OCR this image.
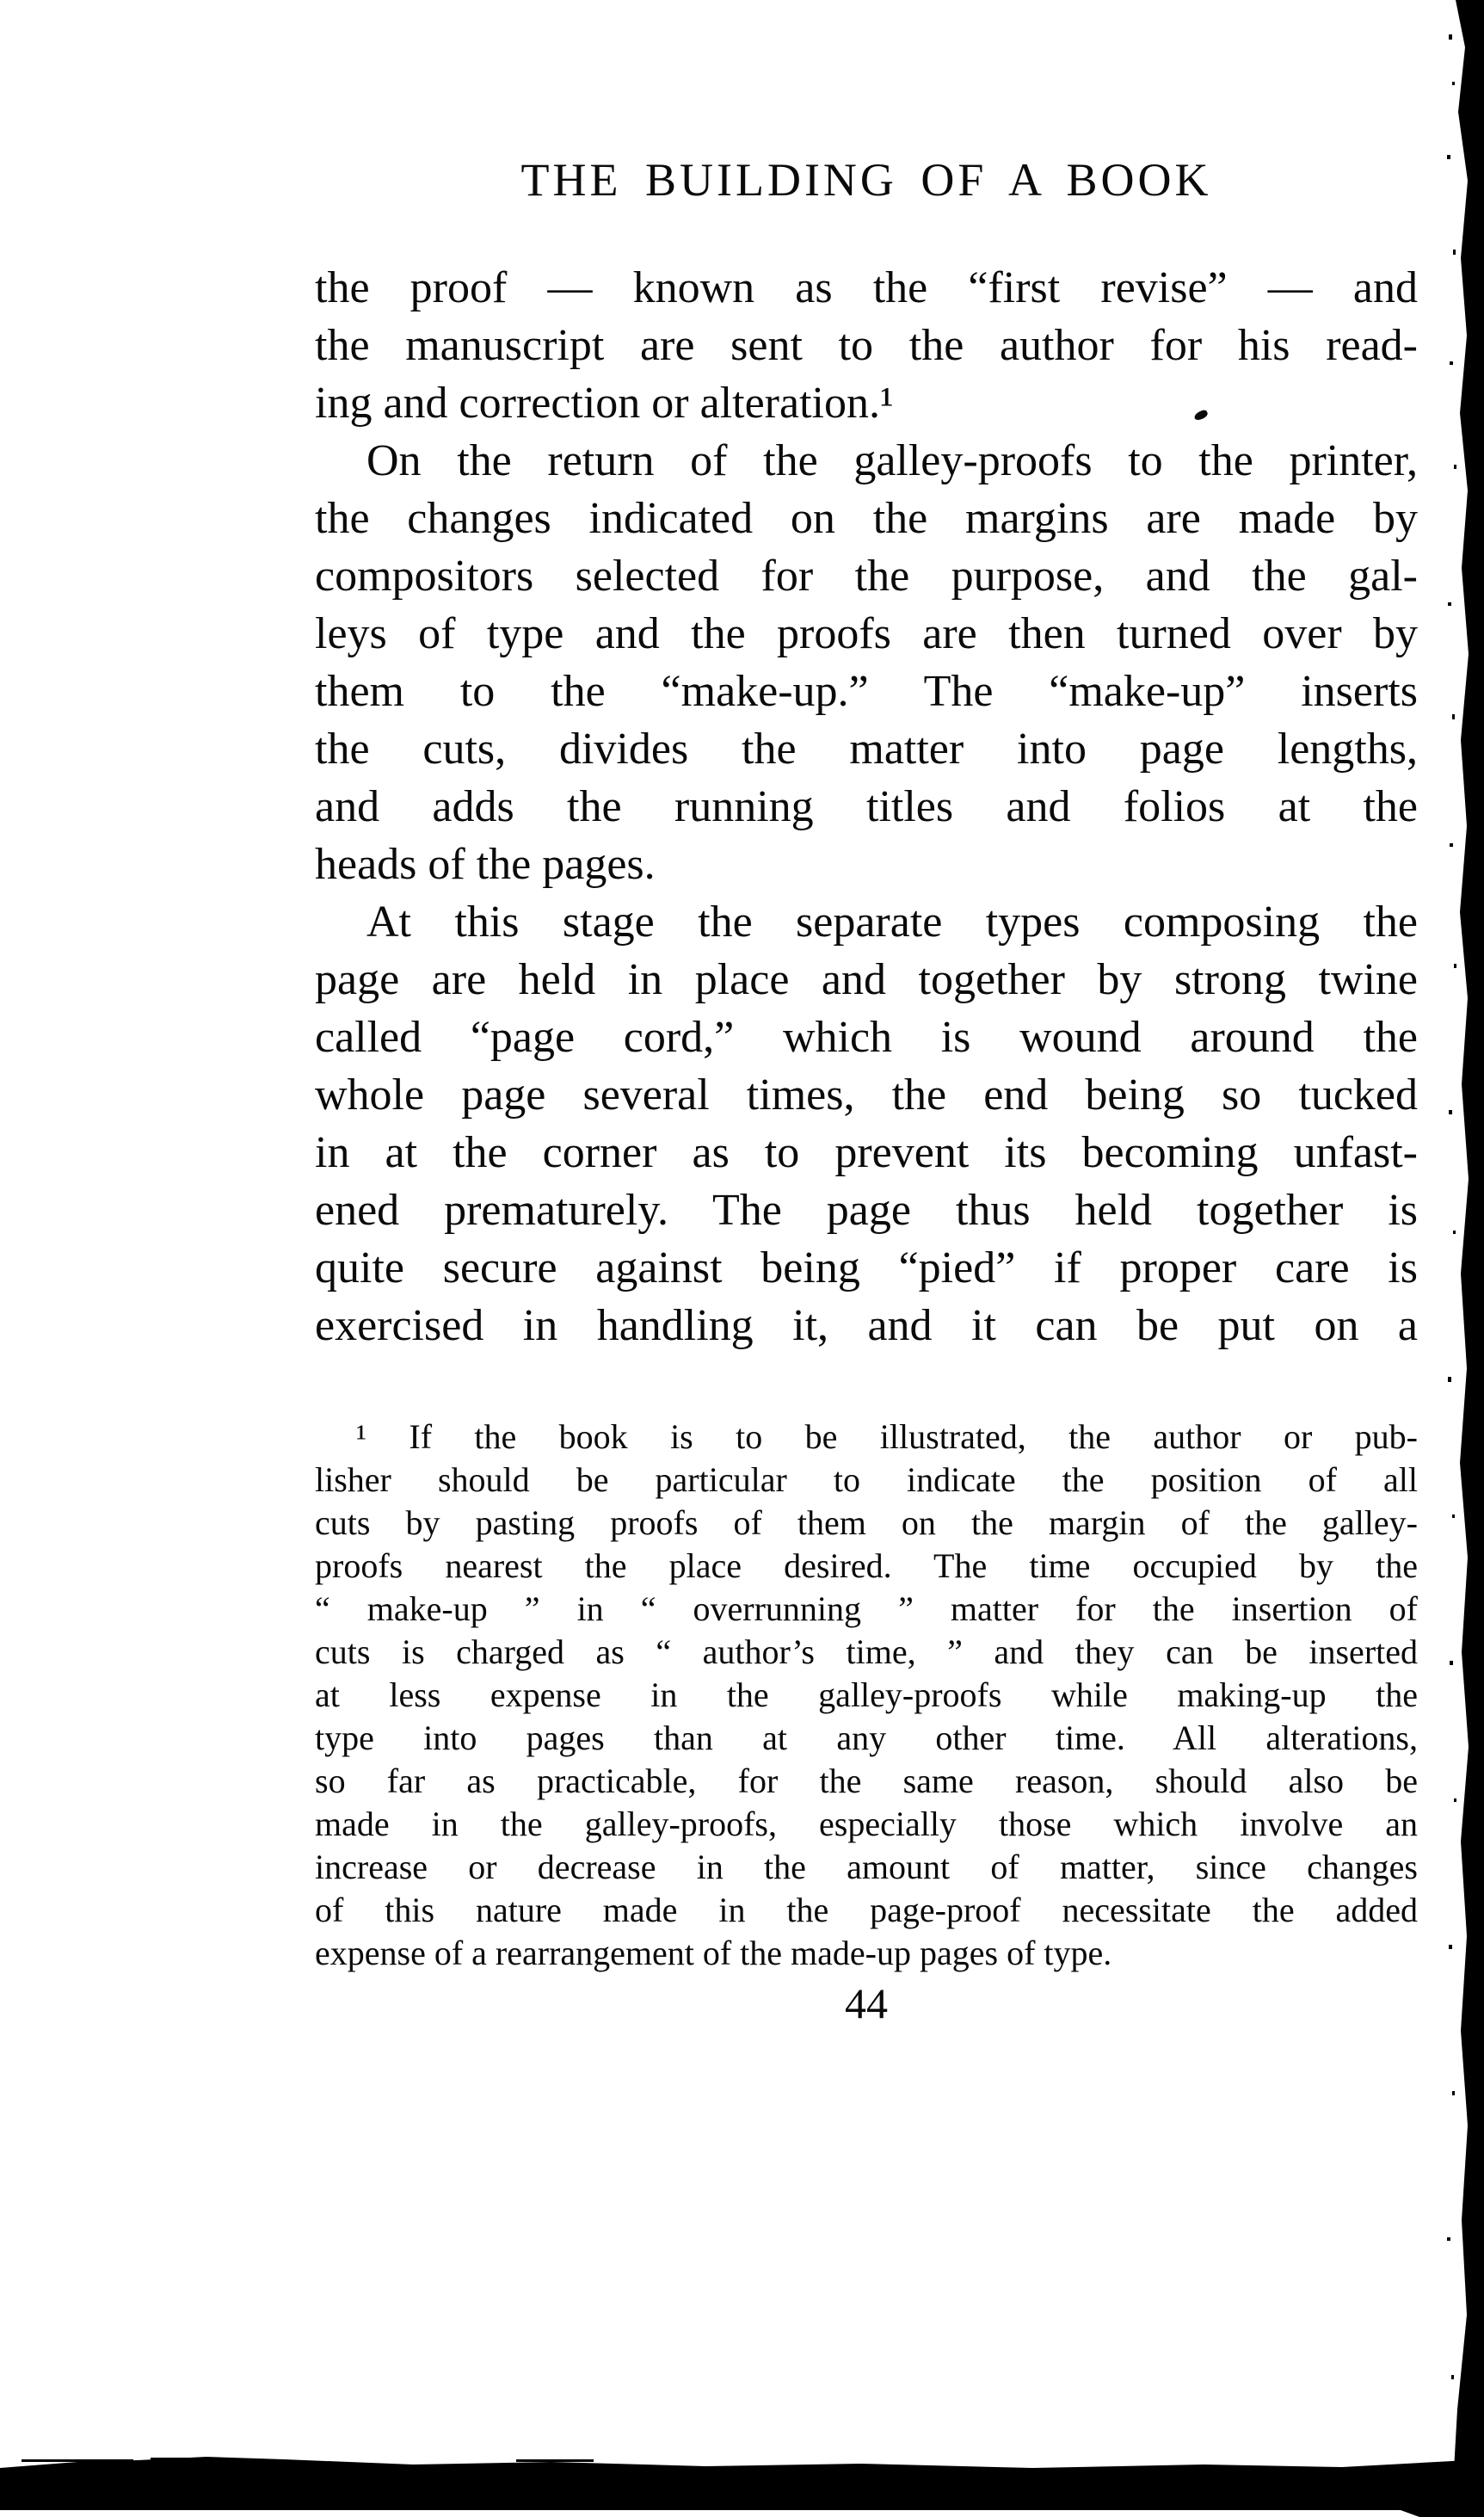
THE BUILDING OF A BOOK
the proof — known as the “first revise” — and
the manuscript are sent to the author for his read-
ing and correction or alteration.¹
On the return of the galley-proofs to the printer,
the changes indicated on the margins are made by
compositors selected for the purpose, and the gal-
leys of type and the proofs are then turned over by
them to the “make-up.” The “make-up” inserts
the cuts, divides the matter into page lengths,
and adds the running titles and folios at the
heads of the pages.
At this stage the separate types composing the
page are held in place and together by strong twine
called “page cord,” which is wound around the
whole page several times, the end being so tucked
in at the corner as to prevent its becoming unfast-
ened prematurely. The page thus held together is
quite secure against being “pied” if proper care is
exercised in handling it, and it can be put on a
¹ If the book is to be illustrated, the author or pub-
lisher should be particular to indicate the position of all
cuts by pasting proofs of them on the margin of the galley-
proofs nearest the place desired. The time occupied by the
“ make-up ” in “ overrunning ” matter for the insertion of
cuts is charged as “ author’s time, ” and they can be inserted
at less expense in the galley-proofs while making-up the
type into pages than at any other time. All alterations,
so far as practicable, for the same reason, should also be
made in the galley-proofs, especially those which involve an
increase or decrease in the amount of matter, since changes
of this nature made in the page-proof necessitate the added
expense of a rearrangement of the made-up pages of type.
44
